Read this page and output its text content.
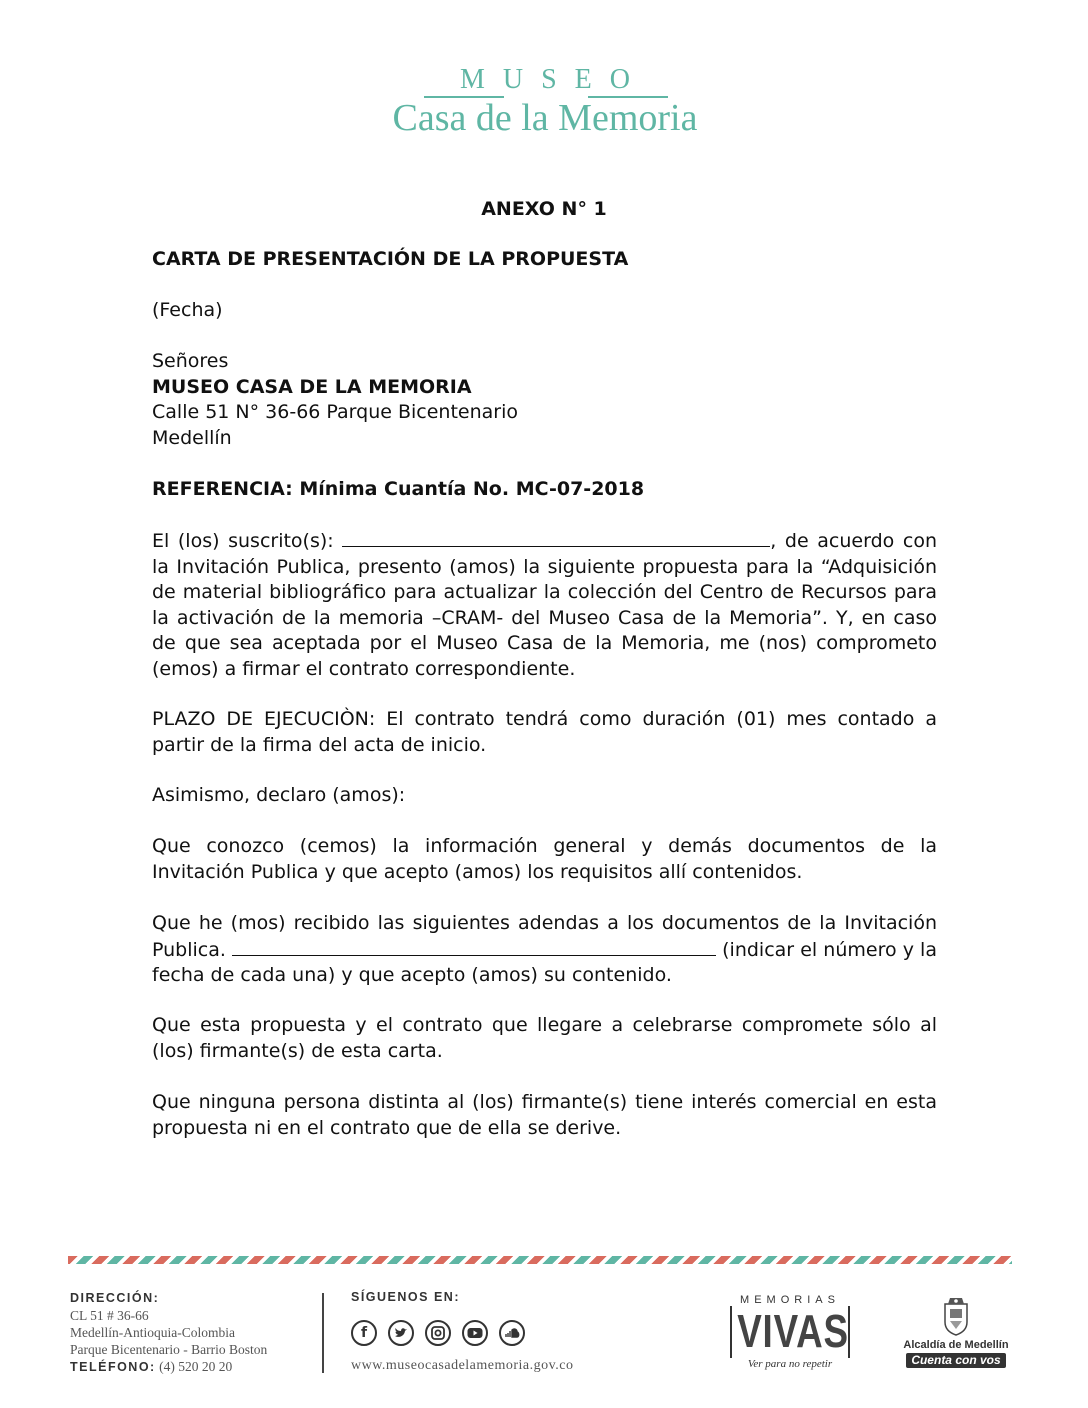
MUSEO
Casa de la Memoria
ANEXO N° 1
CARTA DE PRESENTACIÓN DE LA PROPUESTA
(Fecha)
Señores
MUSEO CASA DE LA MEMORIA
Calle 51 N° 36-66 Parque Bicentenario
Medellín
REFERENCIA: Mínima Cuantía No. MC-07-2018
El (los) suscrito(s):	, de acuerdo con la Invitación Publica, presento (amos) la siguiente propuesta para la “Adquisición de material bibliográfico para actualizar la colección del Centro de Recursos para la activación de la memoria –CRAM- del Museo Casa de la Memoria”. Y, en caso de que sea aceptada por el Museo Casa de la Memoria, me (nos) comprometo (emos) a firmar el contrato correspondiente.
PLAZO DE EJECUCIÒN: El contrato tendrá como duración (01) mes contado a partir de la firma del acta de inicio.
Asimismo, declaro (amos):
Que conozco (cemos) la información general y demás documentos de la Invitación Publica y que acepto (amos) los requisitos allí contenidos.
Que he (mos) recibido las siguientes adendas a los documentos de la Invitación Publica.	(indicar el número y la fecha de cada una) y que acepto (amos) su contenido.
Que esta propuesta y el contrato que llegare a celebrarse compromete sólo al (los) firmante(s) de esta carta.
Que ninguna persona distinta al (los) firmante(s) tiene interés comercial en esta propuesta ni en el contrato que de ella se derive.
DIRECCIÓN:
CL 51 # 36-66
Medellín-Antioquia-Colombia
Parque Bicentenario - Barrio Boston
TELÉFONO: (4) 520 20 20
SÍGUENOS EN:
f
www.museocasadelamemoria.gov.co
MEMORIAS
VIVAS
Ver para no repetir
Alcaldía de Medellín
Cuenta con vos
